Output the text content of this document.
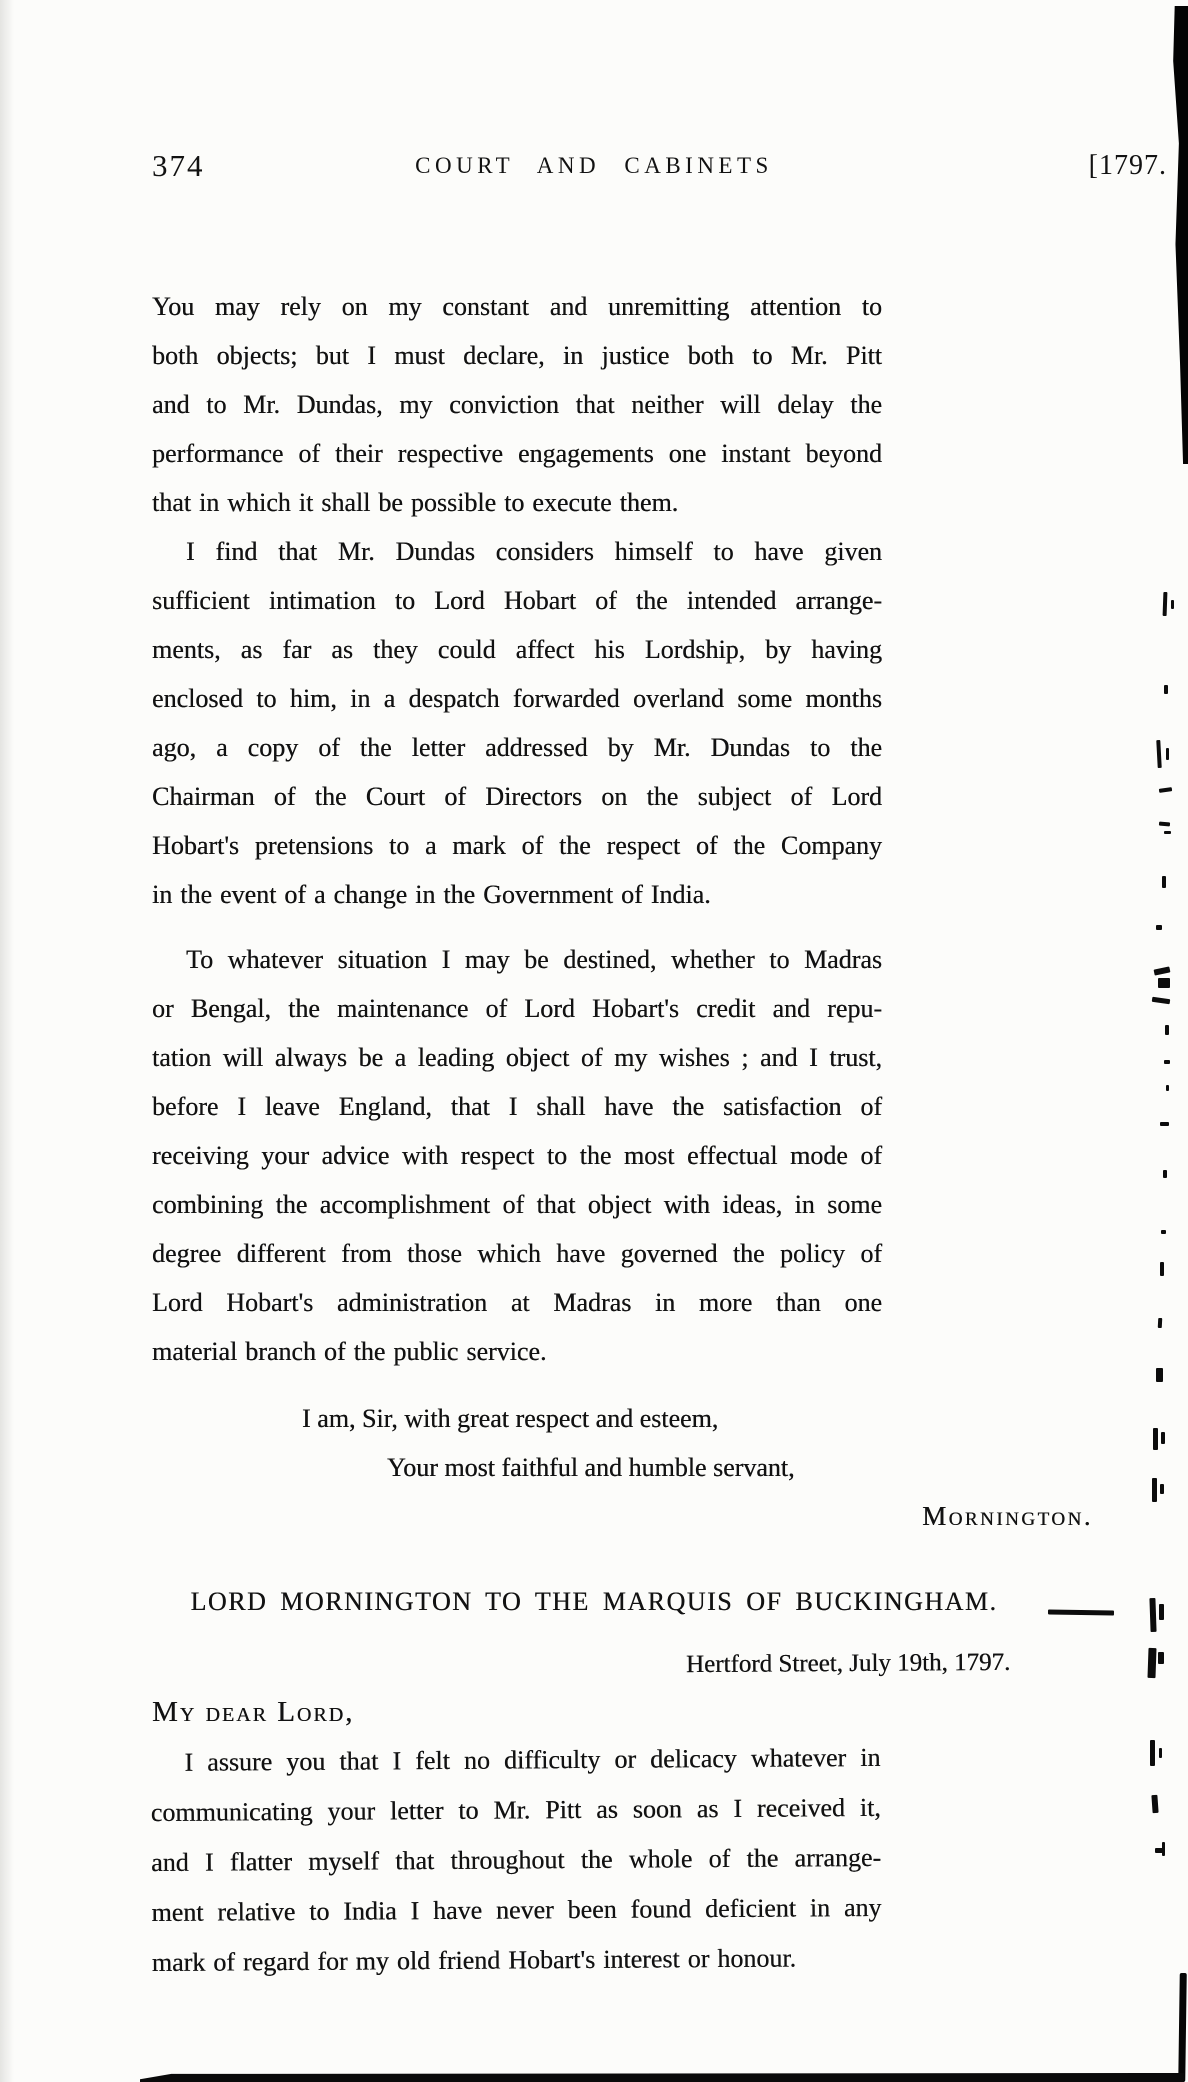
374	COURT AND CABINETS	[1797.
You may rely on my constant and unremitting attention to
both objects; but I must declare, in justice both to Mr. Pitt
and to Mr. Dundas, my conviction that neither will delay the
performance of their respective engagements one instant beyond
that in which it shall be possible to execute them.
I find that Mr. Dundas considers himself to have given
sufficient intimation to Lord Hobart of the intended arrange-
ments, as far as they could affect his Lordship, by having
enclosed to him, in a despatch forwarded overland some months
ago, a copy of the letter addressed by Mr. Dundas to the
Chairman of the Court of Directors on the subject of Lord
Hobart's pretensions to a mark of the respect of the Company
in the event of a change in the Government of India.
To whatever situation I may be destined, whether to Madras
or Bengal, the maintenance of Lord Hobart's credit and repu-
tation will always be a leading object of my wishes ; and I trust,
before I leave England, that I shall have the satisfaction of
receiving your advice with respect to the most effectual mode of
combining the accomplishment of that object with ideas, in some
degree different from those which have governed the policy of
Lord Hobart's administration at Madras in more than one
material branch of the public service.
I am, Sir, with great respect and esteem,
Your most faithful and humble servant,
Mornington.
LORD MORNINGTON TO THE MARQUIS OF BUCKINGHAM.
Hertford Street, July 19th, 1797.
My dear Lord,
I assure you that I felt no difficulty or delicacy whatever in
communicating your letter to Mr. Pitt as soon as I received it,
and I flatter myself that throughout the whole of the arrange-
ment relative to India I have never been found deficient in any
mark of regard for my old friend Hobart's interest or honour.
